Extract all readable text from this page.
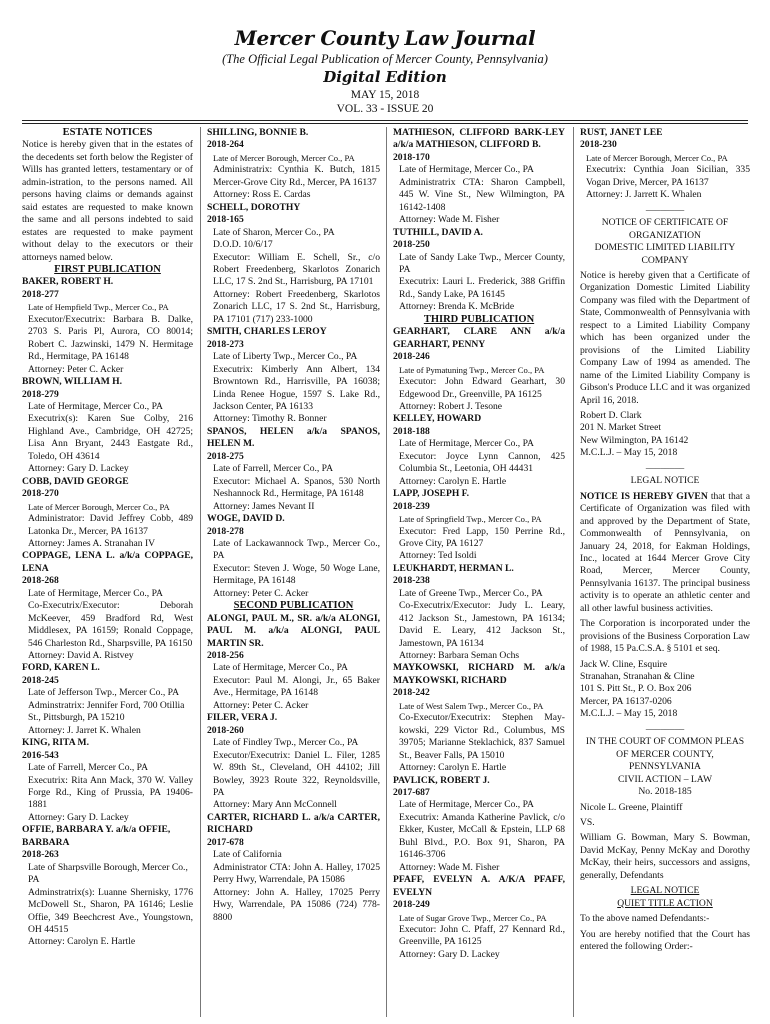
Mercer County Law Journal
(The Official Legal Publication of Mercer County, Pennsylvania)
Digital Edition
MAY 15, 2018
VOL. 33 - ISSUE 20

ESTATE NOTICES

Notice is hereby given that in the estates of the decedents set forth below the Register of Wills has granted letters, testamentary or of admin-istration, to the persons named. All persons having claims or demands against said estates are requested to make known the same and all persons indebted to said estates are requested to make payment without delay to the executors or their attorneys named below.

FIRST PUBLICATION

BAKER, ROBERT H.

2018-277

Late of Hempfield Twp., Mercer Co., PA

Executor/Executrix: Barbara B. Dalke, 2703 S. Paris Pl, Aurora, CO 80014; Robert C. Jazwinski, 1479 N. Hermitage Rd., Hermitage, PA 16148

Attorney: Peter C. Acker

BROWN, WILLIAM H.

2018-279

Late of Hermitage, Mercer Co., PA

Executrix(s): Karen Sue Colby, 216 Highland Ave., Cambridge, OH 42725; Lisa Ann Bryant, 2443 Eastgate Rd., Toledo, OH 43614

Attorney: Gary D. Lackey

COBB, DAVID GEORGE

2018-270

Late of Mercer Borough, Mercer Co., PA

Administrator: David Jeffrey Cobb, 489 Latonka Dr., Mercer, PA 16137

Attorney: James A. Stranahan IV

COPPAGE, LENA L. a/k/a COPPAGE, LENA

2018-268

Late of Hermitage, Mercer Co., PA

Co-Executrix/Executor: Deborah McKeever, 459 Bradford Rd, West Middlesex, PA 16159; Ronald Coppage, 546 Charleston Rd., Sharpsville, PA 16150

Attorney: David A. Ristvey

FORD, KAREN L.

2018-245

Late of Jefferson Twp., Mercer Co., PA

Adminstratrix: Jennifer Ford, 700 Otillia St., Pittsburgh, PA 15210

Attorney: J. Jarret K. Whalen

KING, RITA M.

2016-543

Late of Farrell, Mercer Co., PA

Executrix: Rita Ann Mack, 370 W. Valley Forge Rd., King of Prussia, PA 19406-1881

Attorney: Gary D. Lackey

OFFIE, BARBARA Y. a/k/a OFFIE, BARBARA

2018-263

Late of Sharpsville Borough, Mercer Co., PA

Adminstratrix(s): Luanne Shernisky, 1776 McDowell St., Sharon, PA 16146; Leslie Offie, 349 Beechcrest Ave., Youngstown, OH 44515

Attorney: Carolyn E. Hartle

SHILLING, BONNIE B.

2018-264

Late of Mercer Borough, Mercer Co., PA

Administratrix: Cynthia K. Butch, 1815 Mercer-Grove City Rd., Mercer, PA 16137

Attorney: Ross E. Cardas

SCHELL, DOROTHY

2018-165

Late of Sharon, Mercer Co., PA

D.O.D. 10/6/17

Executor: William E. Schell, Sr., c/o Robert Freedenberg, Skarlotos Zonarich LLC, 17 S. 2nd St., Harrisburg, PA 17101

Attorney: Robert Freedenberg, Skarlotos Zonarich LLC, 17 S. 2nd St., Harrisburg, PA 17101 (717) 233-1000

SMITH, CHARLES LEROY

2018-273

Late of Liberty Twp., Mercer Co., PA

Executrix: Kimberly Ann Albert, 134 Browntown Rd., Harrisville, PA 16038; Linda Renee Hogue, 1597 S. Lake Rd., Jackson Center, PA 16133

Attorney: Timothy R. Bonner

SPANOS, HELEN a/k/a SPANOS, HELEN M.

2018-275

Late of Farrell, Mercer Co., PA

Executor: Michael A. Spanos, 530 North Neshannock Rd., Hermitage, PA 16148

Attorney: James Nevant II

WOGE, DAVID D.

2018-278

Late of Lackawannock Twp., Mercer Co., PA

Executor: Steven J. Woge, 50 Woge Lane, Hermitage, PA 16148

Attorney: Peter C. Acker

SECOND PUBLICATION

ALONGI, PAUL M., SR. a/k/a ALONGI, PAUL M. a/k/a ALONGI, PAUL MARTIN SR.

2018-256

Late of Hermitage, Mercer Co., PA

Executor: Paul M. Alongi, Jr., 65 Baker Ave., Hermitage, PA 16148

Attorney: Peter C. Acker

FILER, VERA J.

2018-260

Late of Findley Twp., Mercer Co., PA

Executor/Executrix: Daniel L. Filer, 1285 W. 89th St., Cleveland, OH 44102; Jill Bowley, 3923 Route 322, Reynoldsville, PA

Attorney: Mary Ann McConnell

CARTER, RICHARD L. a/k/a CARTER, RICHARD

2017-678

Late of California

Administrator CTA: John A. Halley, 17025 Perry Hwy, Warrendale, PA 15086

Attorney: John A. Halley, 17025 Perry Hwy, Warrendale, PA 15086 (724) 778-8800

MATHIESON, CLIFFORD BARK-LEY a/k/a MATHIESON, CLIFFORD B.

2018-170

Late of Hermitage, Mercer Co., PA

Administratrix CTA: Sharon Campbell, 445 W. Vine St., New Wilmington, PA 16142-1408

Attorney: Wade M. Fisher

TUTHILL, DAVID A.

2018-250

Late of Sandy Lake Twp., Mercer County, PA

Executrix: Lauri L. Frederick, 388 Griffin Rd., Sandy Lake, PA 16145

Attorney: Brenda K. McBride

THIRD PUBLICATION

GEARHART, CLARE ANN a/k/a GEARHART, PENNY

2018-246

Late of Pymatuning Twp., Mercer Co., PA

Executor: John Edward Gearhart, 30 Edgewood Dr., Greenville, PA 16125

Attorney: Robert J. Tesone

KELLEY, HOWARD

2018-188

Late of Hermitage, Mercer Co., PA

Executor: Joyce Lynn Cannon, 425 Columbia St., Leetonia, OH 44431

Attorney: Carolyn E. Hartle

LAPP, JOSEPH F.

2018-239

Late of Springfield Twp., Mercer Co., PA

Executor: Fred Lapp, 150 Perrine Rd., Grove City, PA 16127

Attorney: Ted Isoldi

LEUKHARDT, HERMAN L.

2018-238

Late of Greene Twp., Mercer Co., PA

Co-Executrix/Executor: Judy L. Leary, 412 Jackson St., Jamestown, PA 16134; David E. Leary, 412 Jackson St., Jamestown, PA 16134

Attorney: Barbara Seman Ochs

MAYKOWSKI, RICHARD M. a/k/a MAYKOWSKI, RICHARD

2018-242

Late of West Salem Twp., Mercer Co., PA

Co-Executor/Executrix: Stephen May-kowski, 229 Victor Rd., Columbus, MS 39705; Marianne Steklachick, 837 Samuel St., Beaver Falls, PA 15010

Attorney: Carolyn E. Hartle

PAVLICK, ROBERT J.

2017-687

Late of Hermitage, Mercer Co., PA

Executrix: Amanda Katherine Pavlick, c/o Ekker, Kuster, McCall & Epstein, LLP 68 Buhl Blvd., P.O. Box 91, Sharon, PA 16146-3706

Attorney: Wade M. Fisher

PFAFF, EVELYN A. A/K/A PFAFF, EVELYN

2018-249

Late of Sugar Grove Twp., Mercer Co., PA

Executor: John C. Pfaff, 27 Kennard Rd., Greenville, PA 16125

Attorney: Gary D. Lackey

RUST, JANET LEE

2018-230

Late of Mercer Borough, Mercer Co., PA

Executrix: Cynthia Joan Sicilian, 335 Vogan Drive, Mercer, PA 16137

Attorney: J. Jarrett K. Whalen

________

NOTICE OF CERTIFICATE OF ORGANIZATION

DOMESTIC LIMITED LIABILITY COMPANY

Notice is hereby given that a Certificate of Organization Domestic Limited Liability Company was filed with the Department of State, Commonwealth of Pennsylvania with respect to a Limited Liability Company which has been organized under the provisions of the Limited Liability Company Law of 1994 as amended. The name of the Limited Liability Company is Gibson's Produce LLC and it was organized April 16, 2018.

Robert D. Clark

201 N. Market Street

New Wilmington, PA 16142

M.C.L.J. – May 15, 2018

________

LEGAL NOTICE

NOTICE IS HEREBY GIVEN that that a Certificate of Organization was filed with and approved by the Department of State, Commonwealth of Pennsylvania, on January 24, 2018, for Eakman Holdings, Inc., located at 1644 Mercer Grove City Road, Mercer, Mercer County, Pennsylvania 16137. The principal business activity is to operate an athletic center and all other lawful business activities.

The Corporation is incorporated under the provisions of the Business Corporation Law of 1988, 15 Pa.C.S.A. § 5101 et seq.

Jack W. Cline, Esquire

Stranahan, Stranahan & Cline

101 S. Pitt St., P. O. Box 206

Mercer, PA 16137-0206

M.C.L.J. – May 15, 2018

________

IN THE COURT OF COMMON PLEAS

OF MERCER COUNTY,

PENNSYLVANIA

CIVIL ACTION – LAW

No. 2018-185

Nicole L. Greene, Plaintiff

VS.

William G. Bowman, Mary S. Bowman, David McKay, Penny McKay and Dorothy McKay, their heirs, successors and assigns, generally, Defendants

LEGAL NOTICE

QUIET TITLE ACTION

To the above named Defendants:-

You are hereby notified that the Court has entered the following Order:-
